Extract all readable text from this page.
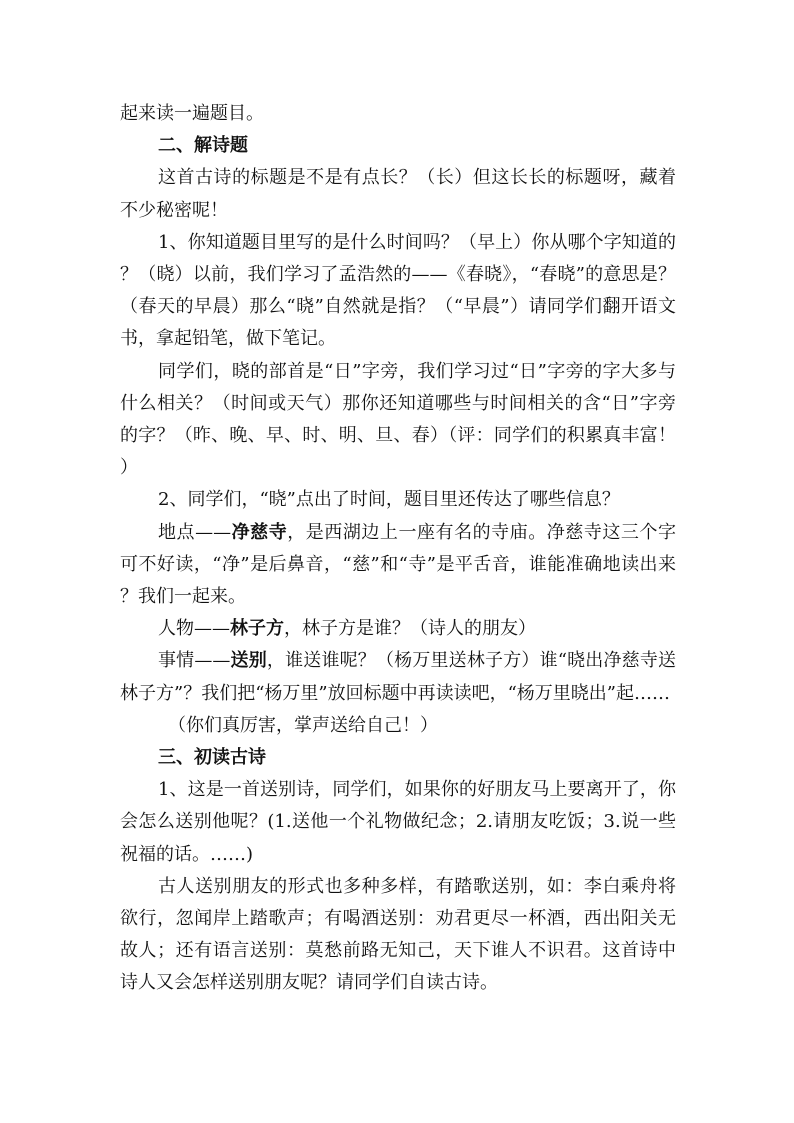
起来读一遍题目。

二、解诗题

这首古诗的标题是不是有点长？（长）但这长长的标题呀，藏着不少秘密呢！

1、你知道题目里写的是什么时间吗？（早上）你从哪个字知道的？（晓）以前，我们学习了孟浩然的——《春晓》，“春晓”的意思是？（春天的早晨）那么“晓”自然就是指？（“早晨”）请同学们翻开语文书，拿起铅笔，做下笔记。

同学们，晓的部首是“日”字旁，我们学习过“日”字旁的字大多与什么相关？（时间或天气）那你还知道哪些与时间相关的含“日”字旁的字？（昨、晚、早、时、明、旦、春）（评：同学们的积累真丰富！）

2、同学们，“晓”点出了时间，题目里还传达了哪些信息？

地点——净慈寺，是西湖边上一座有名的寺庙。净慈寺这三个字可不好读，“净”是后鼻音，“慈”和“寺”是平舌音，谁能准确地读出来？我们一起来。

人物——林子方，林子方是谁？（诗人的朋友）

事情——送别，谁送谁呢？（杨万里送林子方）谁“晓出净慈寺送林子方”？我们把“杨万里”放回标题中再读读吧，“杨万里晓出”起……

（你们真厉害，掌声送给自己！）

三、初读古诗

1、这是一首送别诗，同学们，如果你的好朋友马上要离开了，你会怎么送别他呢？(1.送他一个礼物做纪念；2.请朋友吃饭；3.说一些祝福的话。……)

古人送别朋友的形式也多种多样，有踏歌送别，如：李白乘舟将欲行，忽闻岸上踏歌声；有喝酒送别：劝君更尽一杯酒，西出阳关无故人；还有语言送别：莫愁前路无知己，天下谁人不识君。这首诗中诗人又会怎样送别朋友呢？请同学们自读古诗。
